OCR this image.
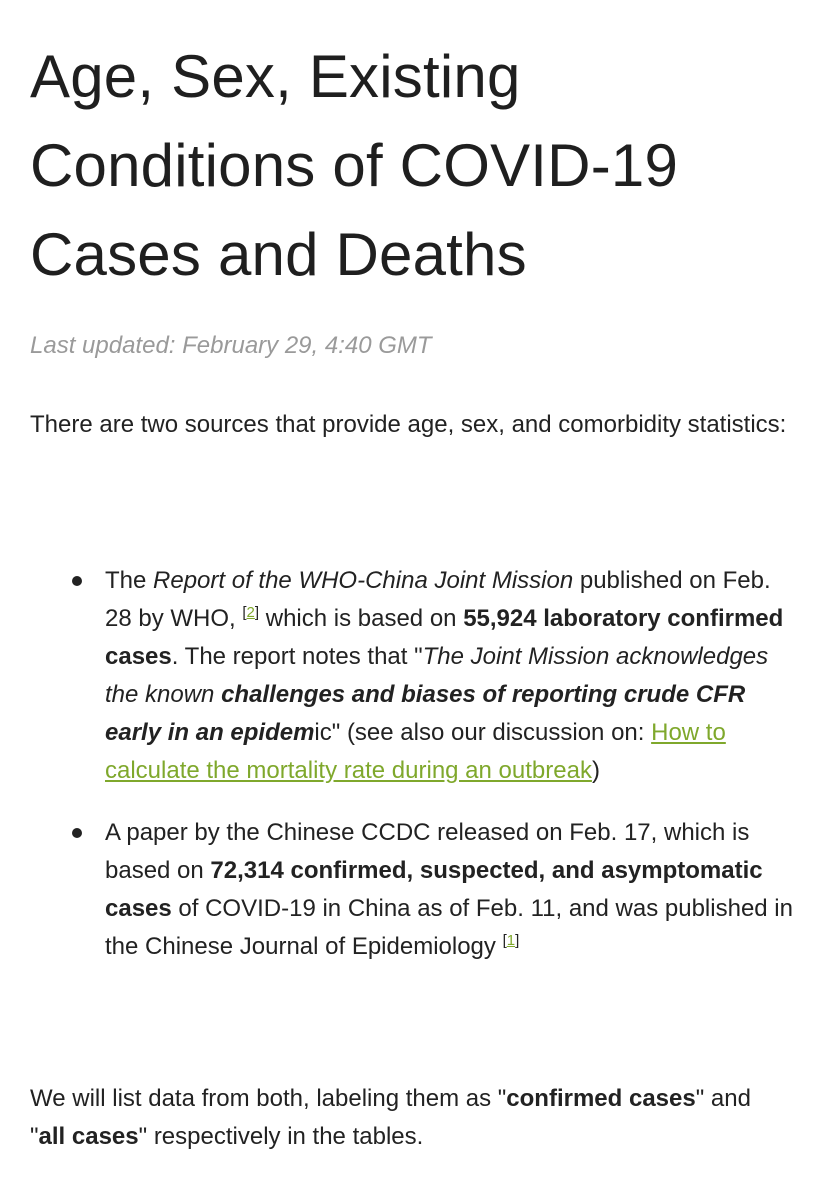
Age, Sex, Existing Conditions of COVID-19 Cases and Deaths

Last updated: February 29, 4:40 GMT

There are two sources that provide age, sex, and comorbidity statistics:

The Report of the WHO-China Joint Mission published on Feb. 28 by WHO, [2] which is based on 55,924 laboratory confirmed cases. The report notes that "The Joint Mission acknowledges the known challenges and biases of reporting crude CFR early in an epidemic" (see also our discussion on: How to calculate the mortality rate during an outbreak)
A paper by the Chinese CCDC released on Feb. 17, which is based on 72,314 confirmed, suspected, and asymptomatic cases of COVID-19 in China as of Feb. 11, and was published in the Chinese Journal of Epidemiology [1]

We will list data from both, labeling them as "confirmed cases" and "all cases" respectively in the tables.
